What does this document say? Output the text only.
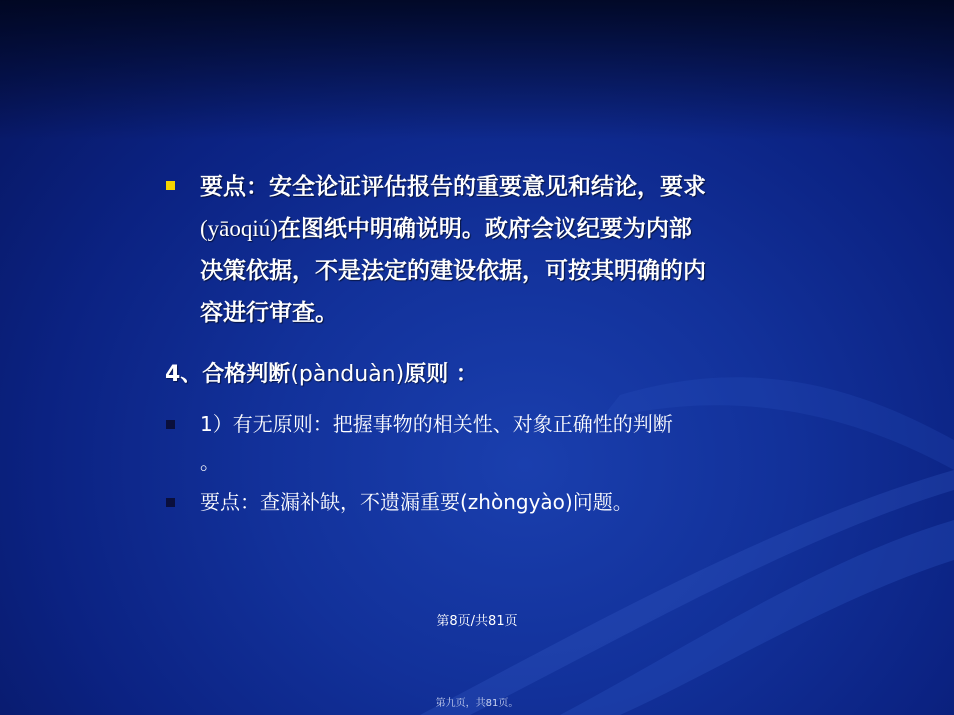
要点：安全论证评估报告的重要意见和结论，要求
(yāoqiú)在图纸中明确说明。政府会议纪要为内部
决策依据，不是法定的建设依据，可按其明确的内
容进行审查。
4、合格判断(pànduàn)原则 ：
1）有无原则：把握事物的相关性、对象正确性的判断
。
要点：查漏补缺，不遗漏重要(zhòngyào)问题。
第8页/共81页
第九页，共81页。
